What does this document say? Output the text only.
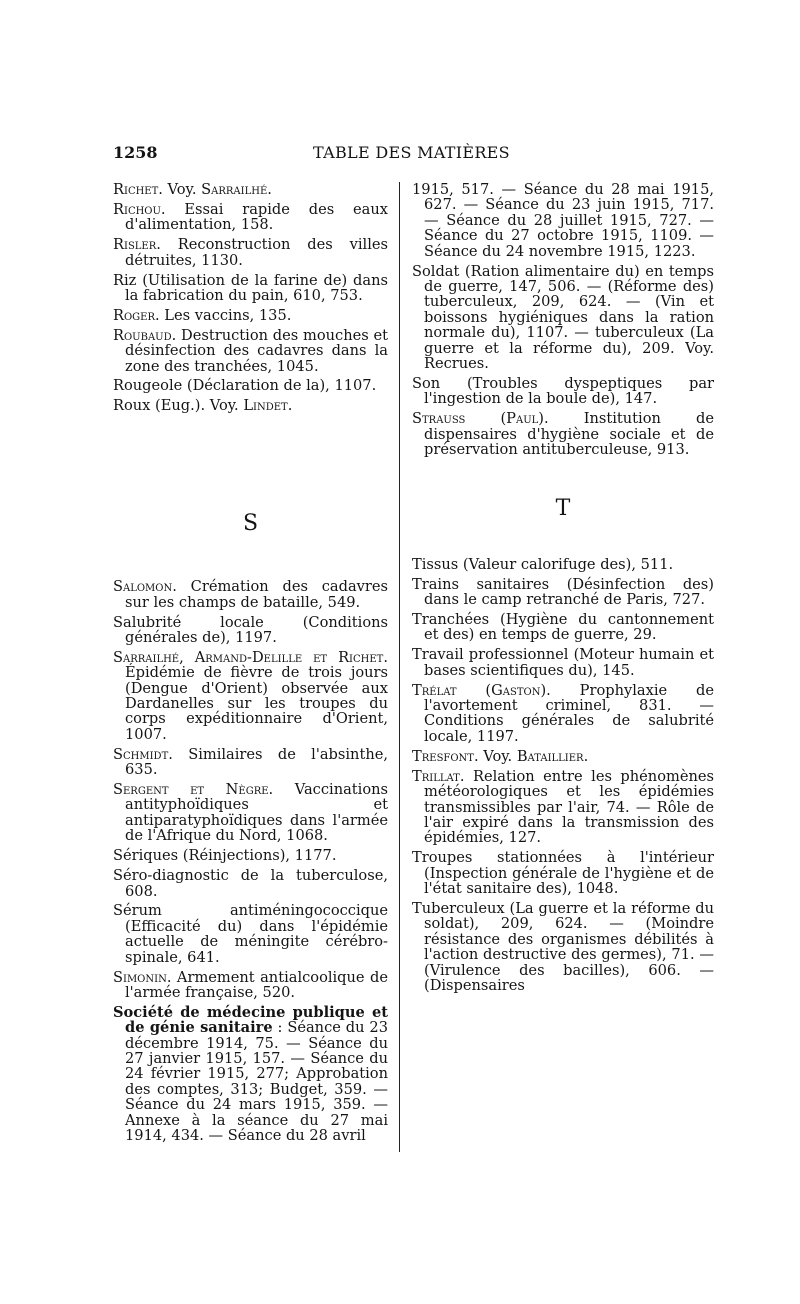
1258	TABLE DES MATIÈRES

Richet. Voy. Sarrailhé.

Richou. Essai rapide des eaux d'alimentation, 158.

Risler. Reconstruction des villes détruites, 1130.

Riz (Utilisation de la farine de) dans la fabrication du pain, 610, 753.

Roger. Les vaccins, 135.

Roubaud. Destruction des mouches et désinfection des cadavres dans la zone des tranchées, 1045.

Rougeole (Déclaration de la), 1107.

Roux (Eug.). Voy. Lindet.

S

Salomon. Crémation des cadavres sur les champs de bataille, 549.

Salubrité locale (Conditions générales de), 1197.

Sarrailhé, Armand-Delille et Richet. Épidémie de fièvre de trois jours (Dengue d'Orient) observée aux Dardanelles sur les troupes du corps expéditionnaire d'Orient, 1007.

Schmidt. Similaires de l'absinthe, 635.

Sergent et Nègre. Vaccinations antityphoïdiques et antiparatyphoïdiques dans l'armée de l'Afrique du Nord, 1068.

Sériques (Réinjections), 1177.

Séro-diagnostic de la tuberculose, 608.

Sérum antiméningococcique (Efficacité du) dans l'épidémie actuelle de méningite cérébro-spinale, 641.

Simonin. Armement antialcoolique de l'armée française, 520.

Société de médecine publique et de génie sanitaire : Séance du 23 décembre 1914, 75. — Séance du 27 janvier 1915, 157. — Séance du 24 février 1915, 277; Approbation des comptes, 313; Budget, 359. — Séance du 24 mars 1915, 359. — Annexe à la séance du 27 mai 1914, 434. — Séance du 28 avril

1915, 517. — Séance du 28 mai 1915, 627. — Séance du 23 juin 1915, 717. — Séance du 28 juillet 1915, 727. — Séance du 27 octobre 1915, 1109. — Séance du 24 novembre 1915, 1223.

Soldat (Ration alimentaire du) en temps de guerre, 147, 506. — (Réforme des) tuberculeux, 209, 624. — (Vin et boissons hygiéniques dans la ration normale du), 1107. — tuberculeux (La guerre et la réforme du), 209. Voy. Recrues.

Son (Troubles dyspeptiques par l'ingestion de la boule de), 147.

Strauss (Paul). Institution de dispensaires d'hygiène sociale et de préservation antituberculeuse, 913.

T

Tissus (Valeur calorifuge des), 511.

Trains sanitaires (Désinfection des) dans le camp retranché de Paris, 727.

Tranchées (Hygiène du cantonnement et des) en temps de guerre, 29.

Travail professionnel (Moteur humain et bases scientifiques du), 145.

Trélat (Gaston). Prophylaxie de l'avortement criminel, 831. — Conditions générales de salubrité locale, 1197.

Tresfont. Voy. Bataillier.

Trillat. Relation entre les phénomènes météorologiques et les épidémies transmissibles par l'air, 74. — Rôle de l'air expiré dans la transmission des épidémies, 127.

Troupes stationnées à l'intérieur (Inspection générale de l'hygiène et de l'état sanitaire des), 1048.

Tuberculeux (La guerre et la réforme du soldat), 209, 624. — (Moindre résistance des organismes débilités à l'action destructive des germes), 71. — (Virulence des bacilles), 606. — (Dispensaires
